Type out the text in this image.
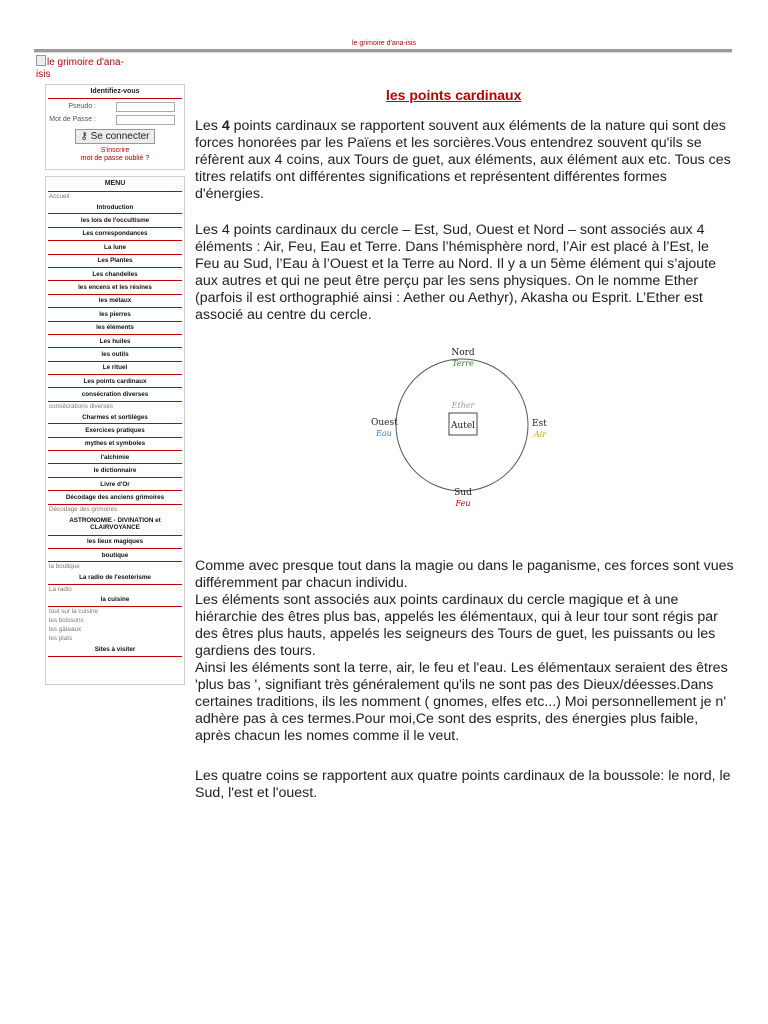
le grimoire d'ana-isis
le grimoire d'ana-isis
Identifiez-vous
Pseudo :
Mot de Passe :
⚷ Se connecter
S'inscrire
mot de passe oublié ?
MENU
Accueil
Introduction
les lois de l'occultisme
Les correspondances
La lune
Les Plantes
Les chandelles
les encens et les résines
les métaux
les pierres
les éléments
Les huiles
les outils
Le rituel
Les points cardinaux
consécration diverses
consécrations diverses
Charmes et sortilèges
Exercices pratiques
mythes et symboles
l'alchimie
le dictionnaire
Livre d'Or
Décodage des anciens grimoires
Décodage des grimoires
ASTRONOMIE - DIVINATION et CLAIRVOYANCE
les lieux magiques
boutique
la boutique
La radio de l'esotérisme
La radio
la cuisine
tout sur la cuisine
les boissons
les gâteaux
les plats
Sites à visiter
les points cardinaux
Les 4 points cardinaux se rapportent souvent aux éléments de la nature qui sont des forces honorées par les Païens et les sorcières.Vous entendrez souvent qu'ils se réfèrent aux 4 coins, aux Tours de guet, aux éléments, aux élément aux etc. Tous ces titres relatifs ont différentes significations et représentent différentes formes d'énergies.
Les 4 points cardinaux du cercle – Est, Sud, Ouest et Nord – sont associés aux 4 éléments : Air, Feu, Eau et Terre. Dans l’hémisphère nord, l’Air est placé à l’Est, le Feu au Sud, l’Eau à l’Ouest et la Terre au Nord. Il y a un 5ème élément qui s’ajoute aux autres et qui ne peut être perçu par les sens physiques. On le nomme Ether (parfois il est orthographié ainsi : Aether ou Aethyr), Akasha ou Esprit. L’Ether est associé au centre du cercle.
Autel
Ether
Nord
Terre
Sud
Feu
Ouest
Eau
Est
Air
Comme avec presque tout dans la magie ou dans le paganisme, ces forces sont vues différemment par chacun individu.
Les éléments sont associés aux points cardinaux du cercle magique et à une hiérarchie des êtres plus bas, appelés les élémentaux, qui à leur tour sont régis par des êtres plus hauts, appelés les seigneurs des Tours de guet, les puissants ou les gardiens des tours.
Ainsi les éléments sont la terre, air, le feu et l'eau. Les élémentaux seraient des êtres 'plus bas ', signifiant très généralement qu'ils ne sont pas des Dieux/déesses.Dans certaines traditions, ils les nomment ( gnomes, elfes etc...) Moi personnellement je n' adhère pas à ces termes.Pour moi,Ce sont des esprits, des énergies plus faible, après chacun les nomes comme il le veut.
Les quatre coins se rapportent aux quatre points cardinaux de la boussole: le nord, le Sud, l'est et l'ouest.
